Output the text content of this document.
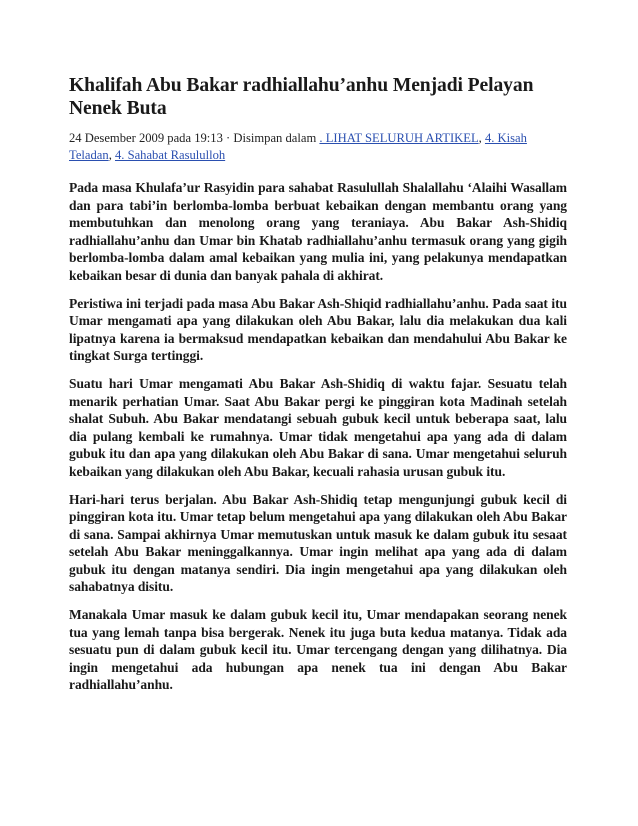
Khalifah Abu Bakar radhiallahu’anhu Menjadi Pelayan Nenek Buta
24 Desember 2009 pada 19:13 · Disimpan dalam . LIHAT SELURUH ARTIKEL, 4. Kisah Teladan, 4. Sahabat Rasululloh

Pada masa Khulafa’ur Rasyidin para sahabat Rasulullah Shalallahu ‘Alaihi Wasallam dan para tabi’in berlomba-lomba berbuat kebaikan dengan membantu orang yang membutuhkan dan menolong orang yang teraniaya. Abu Bakar Ash-Shidiq radhiallahu’anhu dan Umar bin Khatab radhiallahu’anhu termasuk orang yang gigih berlomba-lomba dalam amal kebaikan yang mulia ini, yang pelakunya mendapatkan kebaikan besar di dunia dan banyak pahala di akhirat.

Peristiwa ini terjadi pada masa Abu Bakar Ash-Shiqid radhiallahu’anhu. Pada saat itu Umar mengamati apa yang dilakukan oleh Abu Bakar, lalu dia melakukan dua kali lipatnya karena ia bermaksud mendapatkan kebaikan dan mendahului Abu Bakar ke tingkat Surga tertinggi.

Suatu hari Umar mengamati Abu Bakar Ash-Shidiq di waktu fajar. Sesuatu telah menarik perhatian Umar. Saat Abu Bakar pergi ke pinggiran kota Madinah setelah shalat Subuh. Abu Bakar mendatangi sebuah gubuk kecil untuk beberapa saat, lalu dia pulang kembali ke rumahnya. Umar tidak mengetahui apa yang ada di dalam gubuk itu dan apa yang dilakukan oleh Abu Bakar di sana. Umar mengetahui seluruh kebaikan yang dilakukan oleh Abu Bakar, kecuali rahasia urusan gubuk itu.

Hari-hari terus berjalan. Abu Bakar Ash-Shidiq tetap mengunjungi gubuk kecil di pinggiran kota itu. Umar tetap belum mengetahui apa yang dilakukan oleh Abu Bakar di sana. Sampai akhirnya Umar memutuskan untuk masuk ke dalam gubuk itu sesaat setelah Abu Bakar meninggalkannya. Umar ingin melihat apa yang ada di dalam gubuk itu dengan matanya sendiri. Dia ingin mengetahui apa yang dilakukan oleh sahabatnya disitu.

Manakala Umar masuk ke dalam gubuk kecil itu, Umar mendapakan seorang nenek tua yang lemah tanpa bisa bergerak. Nenek itu juga buta kedua matanya. Tidak ada sesuatu pun di dalam gubuk kecil itu. Umar tercengang dengan yang dilihatnya. Dia ingin mengetahui ada hubungan apa nenek tua ini dengan Abu Bakar radhiallahu’anhu.
